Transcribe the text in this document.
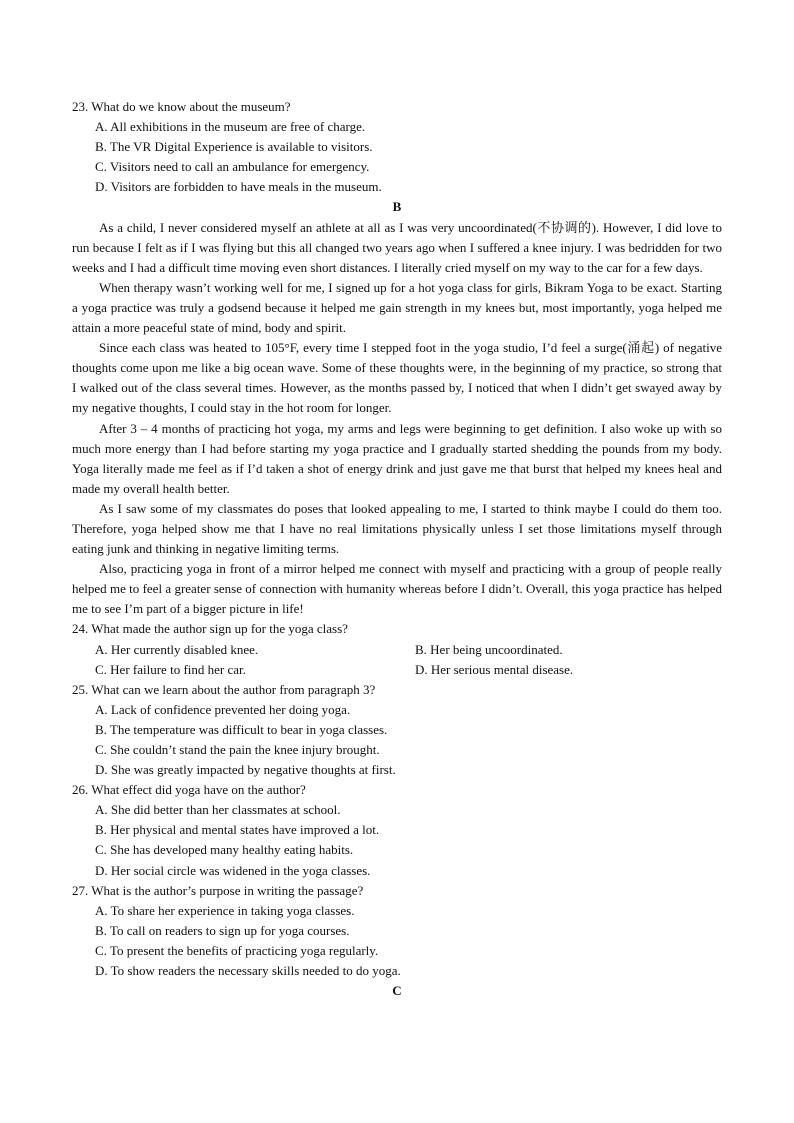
23. What do we know about the museum?
A. All exhibitions in the museum are free of charge.
B. The VR Digital Experience is available to visitors.
C. Visitors need to call an ambulance for emergency.
D. Visitors are forbidden to have meals in the museum.
B

As a child, I never considered myself an athlete at all as I was very uncoordinated(不协调的). However, I did love to run because I felt as if I was flying but this all changed two years ago when I suffered a knee injury. I was bedridden for two weeks and I had a difficult time moving even short distances. I literally cried myself on my way to the car for a few days.

When therapy wasn’t working well for me, I signed up for a hot yoga class for girls, Bikram Yoga to be exact. Starting a yoga practice was truly a godsend because it helped me gain strength in my knees but, most importantly, yoga helped me attain a more peaceful state of mind, body and spirit.

Since each class was heated to 105°F, every time I stepped foot in the yoga studio, I’d feel a surge(涌起) of negative thoughts come upon me like a big ocean wave. Some of these thoughts were, in the beginning of my practice, so strong that I walked out of the class several times. However, as the months passed by, I noticed that when I didn’t get swayed away by my negative thoughts, I could stay in the hot room for longer.

After 3 – 4 months of practicing hot yoga, my arms and legs were beginning to get definition. I also woke up with so much more energy than I had before starting my yoga practice and I gradually started shedding the pounds from my body. Yoga literally made me feel as if I’d taken a shot of energy drink and just gave me that burst that helped my knees heal and made my overall health better.

As I saw some of my classmates do poses that looked appealing to me, I started to think maybe I could do them too. Therefore, yoga helped show me that I have no real limitations physically unless I set those limitations myself through eating junk and thinking in negative limiting terms.

Also, practicing yoga in front of a mirror helped me connect with myself and practicing with a group of people really helped me to feel a greater sense of connection with humanity whereas before I didn’t. Overall, this yoga practice has helped me to see I’m part of a bigger picture in life!

24. What made the author sign up for the yoga class?
A. Her currently disabled knee.	B. Her being uncoordinated.
C. Her failure to find her car.	D. Her serious mental disease.
25. What can we learn about the author from paragraph 3?
A. Lack of confidence prevented her doing yoga.
B. The temperature was difficult to bear in yoga classes.
C. She couldn’t stand the pain the knee injury brought.
D. She was greatly impacted by negative thoughts at first.
26. What effect did yoga have on the author?
A. She did better than her classmates at school.
B. Her physical and mental states have improved a lot.
C. She has developed many healthy eating habits.
D. Her social circle was widened in the yoga classes.
27. What is the author’s purpose in writing the passage?
A. To share her experience in taking yoga classes.
B. To call on readers to sign up for yoga courses.
C. To present the benefits of practicing yoga regularly.
D. To show readers the necessary skills needed to do yoga.
C
